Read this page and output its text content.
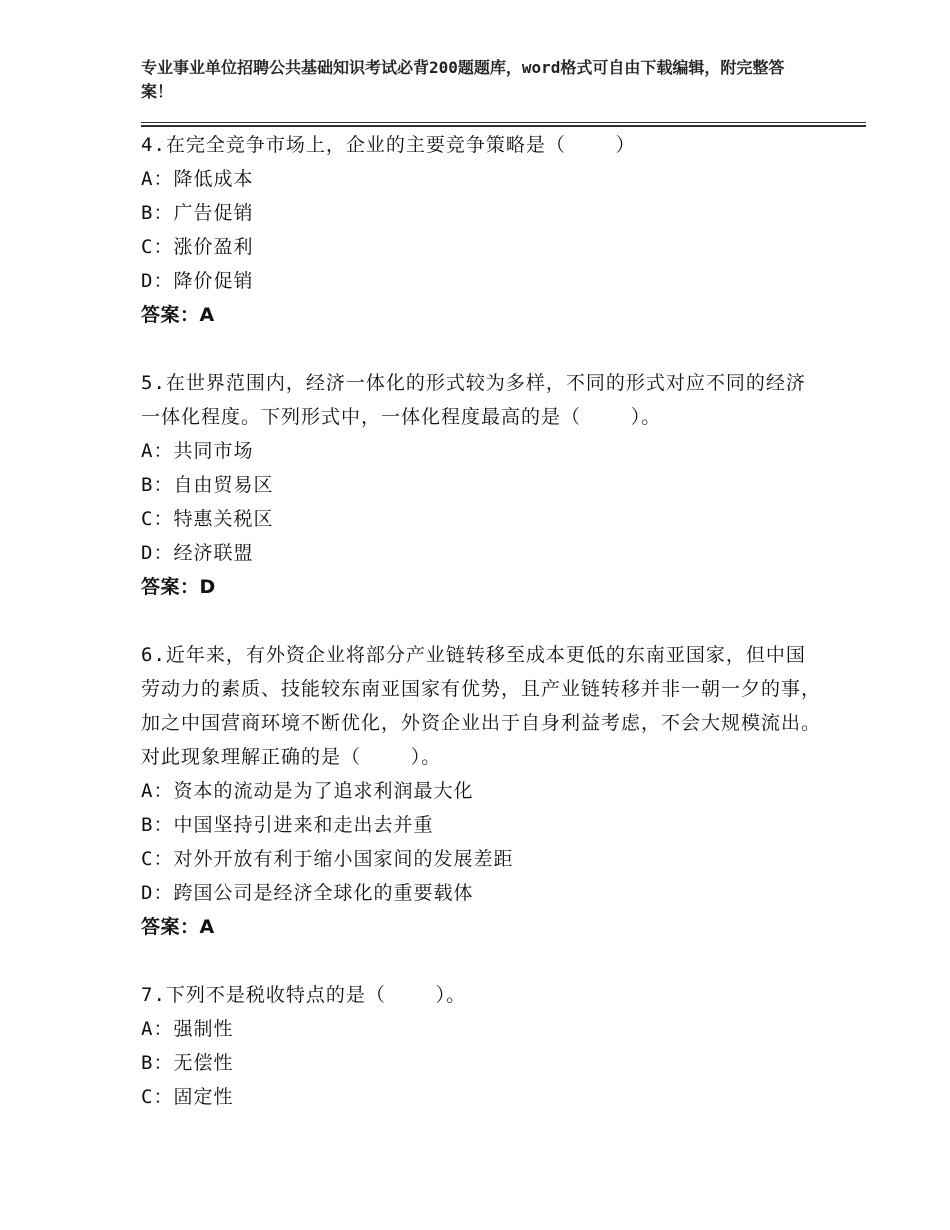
专业事业单位招聘公共基础知识考试必背200题题库，word格式可自由下载编辑，附完整答案！
4.在完全竞争市场上，企业的主要竞争策略是（    ）
A：降低成本
B：广告促销
C：涨价盈利
D：降价促销
答案：A
5.在世界范围内，经济一体化的形式较为多样，不同的形式对应不同的经济一体化程度。下列形式中，一体化程度最高的是（    ）。
A：共同市场
B：自由贸易区
C：特惠关税区
D：经济联盟
答案：D
6.近年来，有外资企业将部分产业链转移至成本更低的东南亚国家，但中国劳动力的素质、技能较东南亚国家有优势，且产业链转移并非一朝一夕的事，加之中国营商环境不断优化，外资企业出于自身利益考虑，不会大规模流出。对此现象理解正确的是（    ）。
A：资本的流动是为了追求利润最大化
B：中国坚持引进来和走出去并重
C：对外开放有利于缩小国家间的发展差距
D：跨国公司是经济全球化的重要载体
答案：A
7.下列不是税收特点的是（    ）。
A：强制性
B：无偿性
C：固定性
